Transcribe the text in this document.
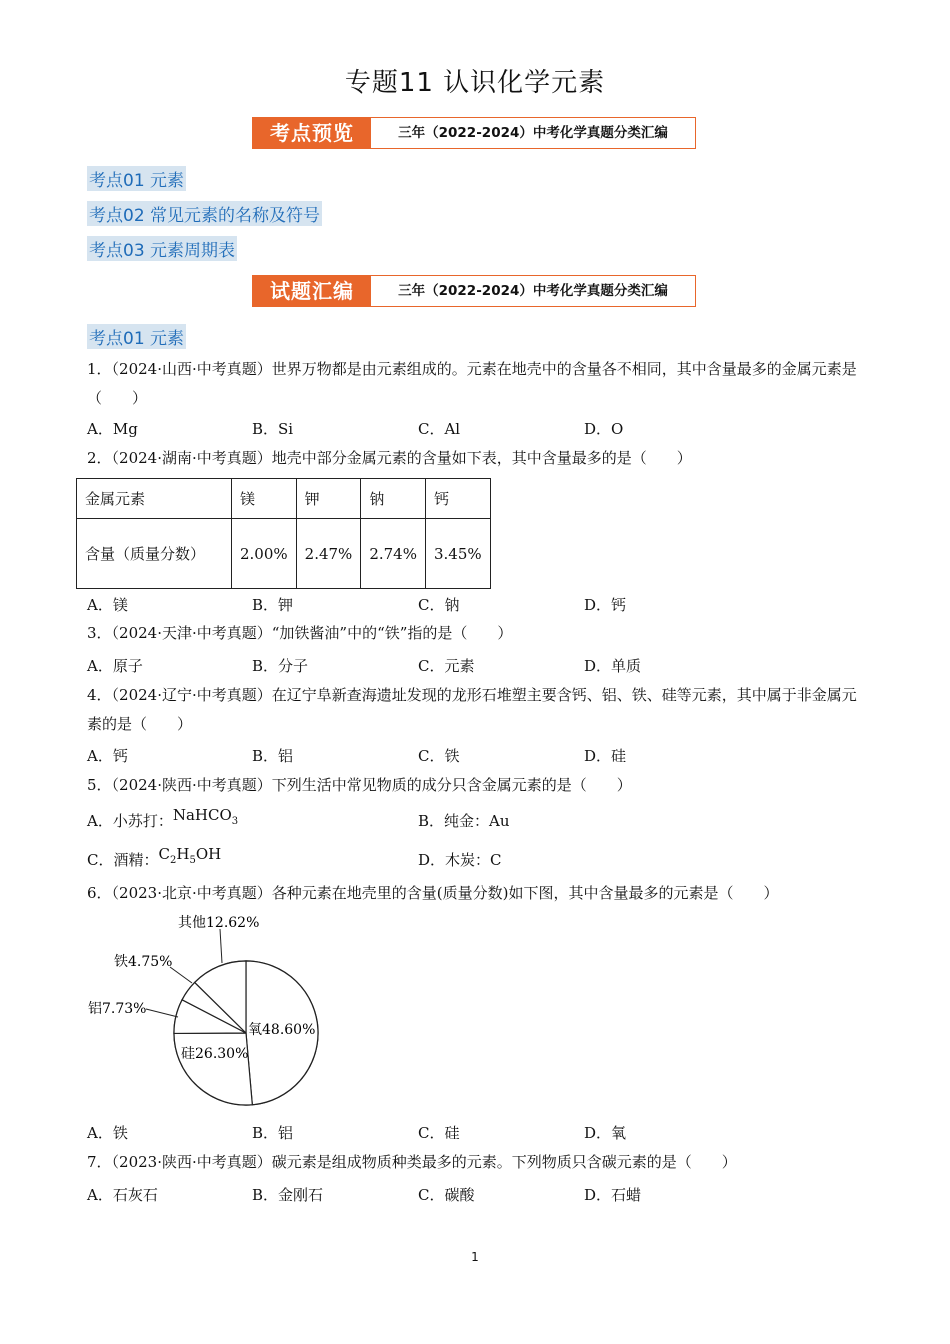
专题11 认识化学元素
考点预览	三年（2022-2024）中考化学真题分类汇编
考点01 元素
考点02 常见元素的名称及符号
考点03 元素周期表
试题汇编	三年（2022-2024）中考化学真题分类汇编
考点01 元素
1．（2024·山西·中考真题）世界万物都是由元素组成的。元素在地壳中的含量各不相同，其中含量最多的金属元素是（　　）
A．Mg	B．Si	C．Al	D．O
2．（2024·湖南·中考真题）地壳中部分金属元素的含量如下表，其中含量最多的是（　　）
金属元素	镁	钾	钠	钙
含量（质量分数）	2.00%	2.47%	2.74%	3.45%
A．镁	B．钾	C．钠	D．钙
3．（2024·天津·中考真题）“加铁酱油”中的“铁”指的是（　　）
A．原子	B．分子	C．元素	D．单质
4．（2024·辽宁·中考真题）在辽宁阜新查海遗址发现的龙形石堆塑主要含钙、铝、铁、硅等元素，其中属于非金属元素的是（　　）
A．钙	B．铝	C．铁	D．硅
5．（2024·陕西·中考真题）下列生活中常见物质的成分只含金属元素的是（　　）
A．小苏打：NaHCO$_3$	B．纯金：Au
C．酒精：$C_2H_5OH$	D．木炭：C
6．（2023·北京·中考真题）各种元素在地壳里的含量(质量分数)如下图，其中含量最多的元素是（　　）
氧48.60%
硅26.30%
铝7.73%
铁4.75%
其他12.62%
A．铁	B．铝	C．硅	D．氧
7．（2023·陕西·中考真题）碳元素是组成物质种类最多的元素。下列物质只含碳元素的是（　　）
A．石灰石	B．金刚石	C．碳酸	D．石蜡
1
